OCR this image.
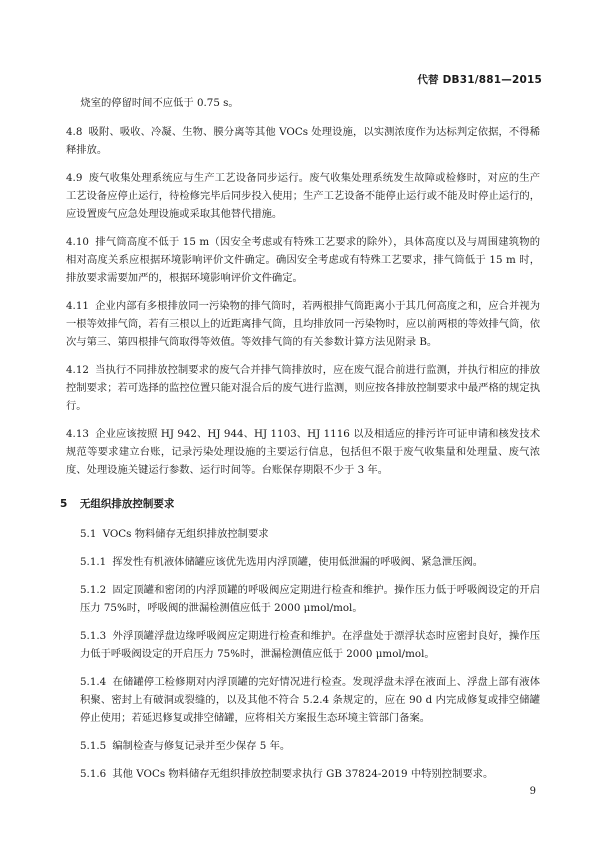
代替 DB31/881—2015

烧室的停留时间不应低于 0.75 s。

4.8 吸附、吸收、冷凝、生物、膜分离等其他 VOCs 处理设施，以实测浓度作为达标判定依据，不得稀释排放。

4.9 废气收集处理系统应与生产工艺设备同步运行。废气收集处理系统发生故障或检修时，对应的生产工艺设备应停止运行，待检修完毕后同步投入使用；生产工艺设备不能停止运行或不能及时停止运行的，应设置废气应急处理设施或采取其他替代措施。

4.10 排气筒高度不低于 15 m（因安全考虑或有特殊工艺要求的除外），具体高度以及与周围建筑物的相对高度关系应根据环境影响评价文件确定。确因安全考虑或有特殊工艺要求，排气筒低于 15 m 时，排放要求需要加严的，根据环境影响评价文件确定。

4.11 企业内部有多根排放同一污染物的排气筒时，若两根排气筒距离小于其几何高度之和，应合并视为一根等效排气筒，若有三根以上的近距离排气筒，且均排放同一污染物时，应以前两根的等效排气筒，依次与第三、第四根排气筒取得等效值。等效排气筒的有关参数计算方法见附录 B。

4.12 当执行不同排放控制要求的废气合并排气筒排放时，应在废气混合前进行监测，并执行相应的排放控制要求；若可选择的监控位置只能对混合后的废气进行监测，则应按各排放控制要求中最严格的规定执行。

4.13 企业应该按照 HJ 942、HJ 944、HJ 1103、HJ 1116 以及相适应的排污许可证申请和核发技术规范等要求建立台账，记录污染处理设施的主要运行信息，包括但不限于废气收集量和处理量、废气浓度、处理设施关键运行参数、运行时间等。台账保存期限不少于 3 年。

5 无组织排放控制要求

5.1 VOCs 物料储存无组织排放控制要求

5.1.1 挥发性有机液体储罐应该优先选用内浮顶罐，使用低泄漏的呼吸阀、紧急泄压阀。

5.1.2 固定顶罐和密闭的内浮顶罐的呼吸阀应定期进行检查和维护。操作压力低于呼吸阀设定的开启压力 75%时，呼吸阀的泄漏检测值应低于 2000 μmol/mol。

5.1.3 外浮顶罐浮盘边缘呼吸阀应定期进行检查和维护。在浮盘处于漂浮状态时应密封良好，操作压力低于呼吸阀设定的开启压力 75%时，泄漏检测值应低于 2000 μmol/mol。

5.1.4 在储罐停工检修期对内浮顶罐的完好情况进行检查。发现浮盘未浮在液面上、浮盘上部有液体积聚、密封上有破洞或裂缝的，以及其他不符合 5.2.4 条规定的，应在 90 d 内完成修复或排空储罐停止使用；若延迟修复或排空储罐，应将相关方案报生态环境主管部门备案。

5.1.5 编制检查与修复记录并至少保存 5 年。

5.1.6 其他 VOCs 物料储存无组织排放控制要求执行 GB 37824-2019 中特别控制要求。

9
